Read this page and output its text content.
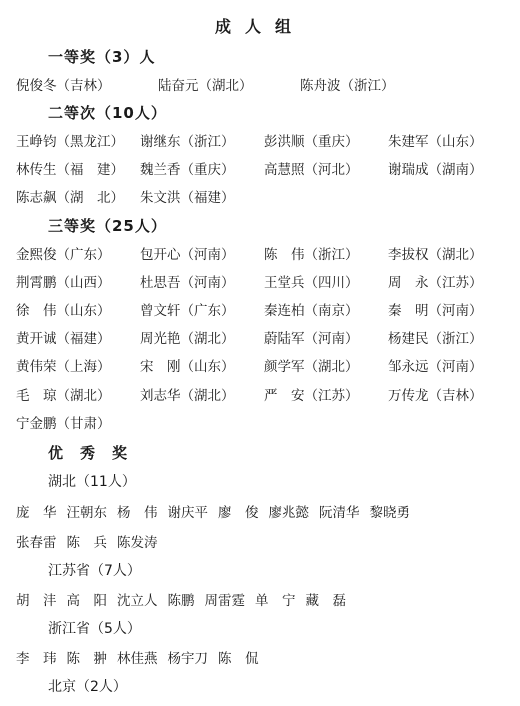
成人组
一等奖（3）人
倪俊冬（吉林）	陆奋元（湖北）	陈舟波（浙江）
二等次（10人）
王峥钧（黑龙江）	谢继东（浙江）	彭洪顺（重庆）	朱建军（山东）
林传生（福　建）	魏兰香（重庆）	高慧照（河北）	谢瑞成（湖南）
陈志飙（湖　北）	朱文洪（福建）
三等奖（25人）
金熙俊（广东）	包开心（河南）	陈　伟（浙江）	李拔权（湖北）
荆霄鹏（山西）	杜思吾（河南）	王堂兵（四川）	周　永（江苏）
徐　伟（山东）	曾文轩（广东）	秦连柏（南京）	秦　明（河南）
黄开诚（福建）	周光艳（湖北）	蔚陆军（河南）	杨建民（浙江）
黄伟荣（上海）	宋　刚（山东）	颜学军（湖北）	邹永远（河南）
毛　琼（湖北）	刘志华（湖北）	严　安（江苏）	万传龙（吉林）
宁金鹏（甘肃）
优　秀　奖
湖北（11人）
庞　华 汪朝东 杨　伟 谢庆平 廖　俊 廖兆懿 阮清华 黎晓勇
张春雷 陈　兵 陈发涛
江苏省（7人）
胡　沣 高　阳 沈立人 陈鹏 周雷霆 单　宁 藏　磊
浙江省（5人）
李　玮 陈　翀 林佳燕 杨宇刀 陈　侃
北京（2人）
